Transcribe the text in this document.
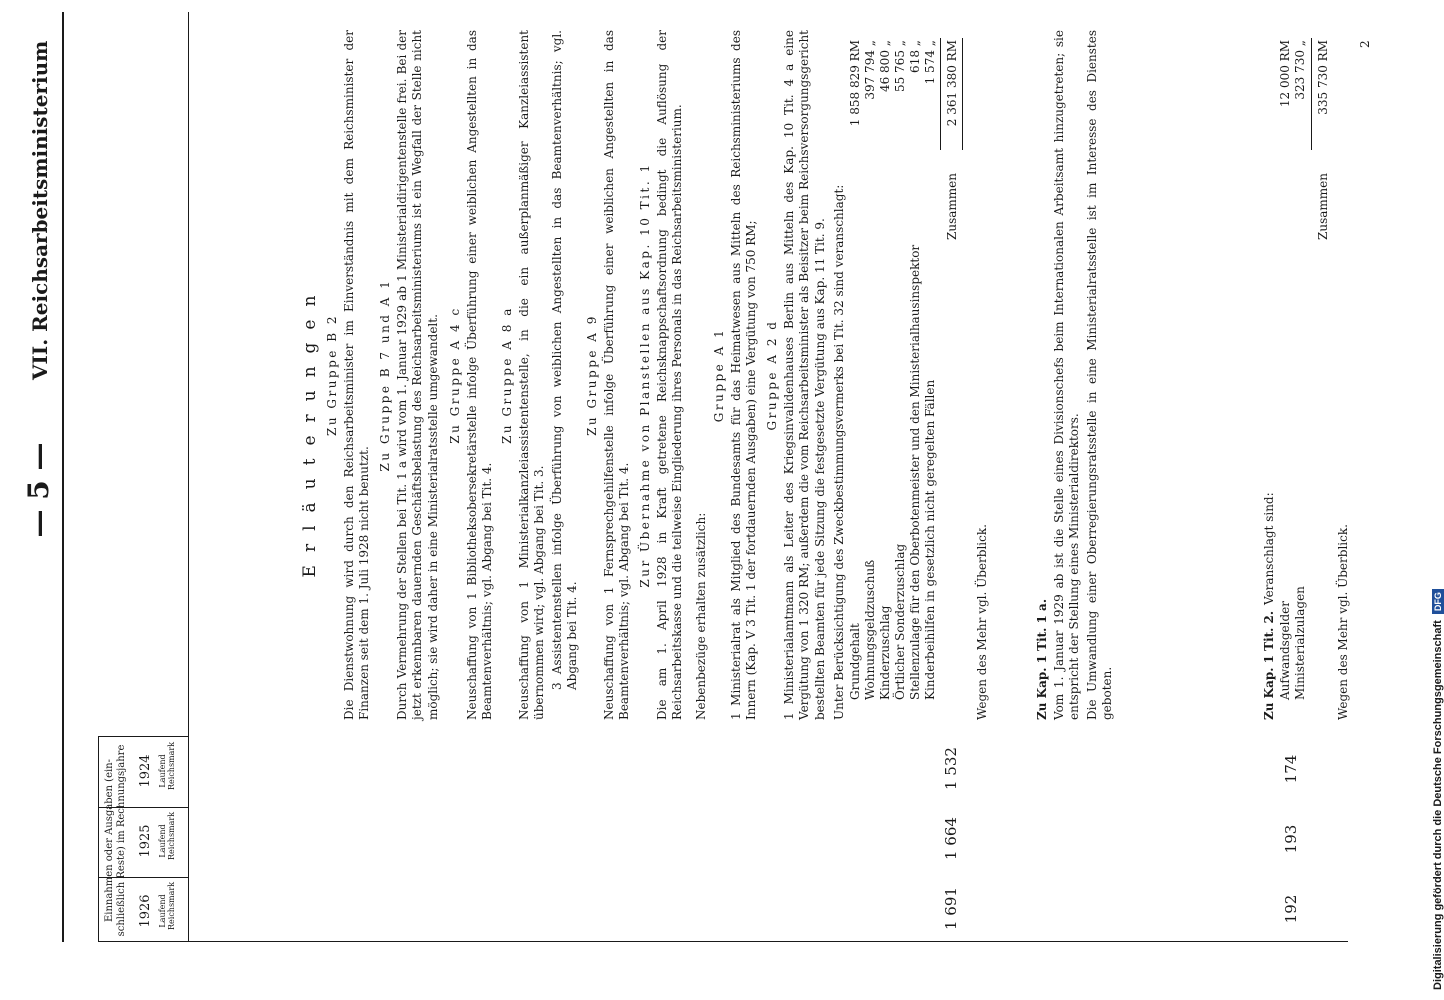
— 5 —
VII. Reichsarbeitsministerium
Einnahmen oder Ausgaben (ein-schließlich Reste) im Rechnungsjahre 1926
1925
1924
Laufend Reichsmark
Laufend Reichsmark
Laufend Reichsmark
Erläuterungen
1 691
1 664
1 532
192
193
174
Zu Gruppe B 2 Die Dienstwohnung wird durch den Reichsarbeitsminister im Einverständnis mit dem Reichsminister der Finanzen seit dem 1. Juli 1928 nicht benutzt.
Zu Gruppe B 7 und A 1 Durch Vermehrung der Stellen bei Tit. 1 a wird vom 1. Januar 1929 ab 1 Ministerialdirigentenstelle frei. Bei der jetzt erkennbaren dauernden Geschäftsbelastung des Reichsarbeitsministeriums ist ein Wegfall der Stelle nicht möglich; sie wird daher in eine Ministerialratsstelle umgewandelt. Zu Gruppe A 4 c Neuschaffung von 1 Bibliotheksobersekretärstelle infolge Überführung einer weiblichen Angestellten in das Beamtenverhältnis; vgl. Abgang bei Tit. 4.
Zu Gruppe A 8 a Neuschaffung von 1 Ministerialkanzleiassistentenstelle, in die ein außerplanmäßiger Kanzleiassistent übernommen wird; vgl. Abgang bei Tit. 3. 3 Assistentenstellen infolge Überführung von weiblichen Angestellten in das Beamtenverhältnis; vgl. Abgang bei Tit. 4.
Zu Gruppe A 9 Neuschaffung von 1 Fernsprechgehilfenstelle infolge Überführung einer weiblichen Angestellten in das Beamtenverhältnis; vgl. Abgang bei Tit. 4.
Zur Übernahme von Planstellen aus Kap. 10 Tit. 1 Die am 1. April 1928 in Kraft getretene Reichsknappschaftsordnung bedingt die Auflösung der Reichsarbeitskasse und die teilweise Eingliederung ihres Personals in das Reichsarbeitsministerium. Nebenbezüge erhalten zusätzlich:
Gruppe A 1 1 Ministerialrat als Mitglied des Bundesamts für das Heimatwesen aus Mitteln des Reichsministeriums des Innern (Kap. V 3 Tit. 1 der fortdauernden Ausgaben) eine Vergütung von 750 RM; Gruppe A 2 d 1 Ministerialamtmann als Leiter des Kriegsinvalidenhauses Berlin aus Mitteln des Kap. 10 Tit. 4 a eine Vergütung von 1 320 RM; außerdem die vom Reichsarbeitsminister als Beisitzer beim Reichsversorgungsgericht bestellten Beamten für jede Sitzung die festgesetzte Vergütung aus Kap. 11 Tit. 9. Unter Berücksichtigung des Zweckbestimmungsvermerks bei Tit. 32 sind veranschlagt: Grundgehalt
1 858 829 RM
Wohnungsgeldzuschuß
397 794 „
Kinderzuschlag
46 800 „
Örtlicher Sonderzuschlag
55 765 „
Stellenzulage für den Oberbotenmeister und den Ministerialhausinspektor
618 „
Kinderbeihilfen in gesetzlich nicht geregelten Fällen
1 574 „
Zusammen
2 361 380 RM
Wegen des Mehr vgl. Überblick.	Zu Kap. 1 Tit. 1 a. Vom 1. Januar 1929 ab ist die Stelle eines Divisionschefs beim Internationalen Arbeitsamt hinzugetreten; sie entspricht der Stellung eines Ministerialdirektors. Die Umwandlung einer Oberregierungsratsstelle in eine Ministerialratsstelle ist im Interesse des Dienstes geboten.	Zu Kap. 1 Tit. 2.
Veranschlagt sind:
Aufwandsgelder
12 000 RM
Ministerialzulagen
323 730 „
Zusammen
335 730 RM
Wegen des Mehr vgl. Überblick.
2
Digitalisierung gefördert durch die Deutsche Forschungsgemeinschaft DFG
